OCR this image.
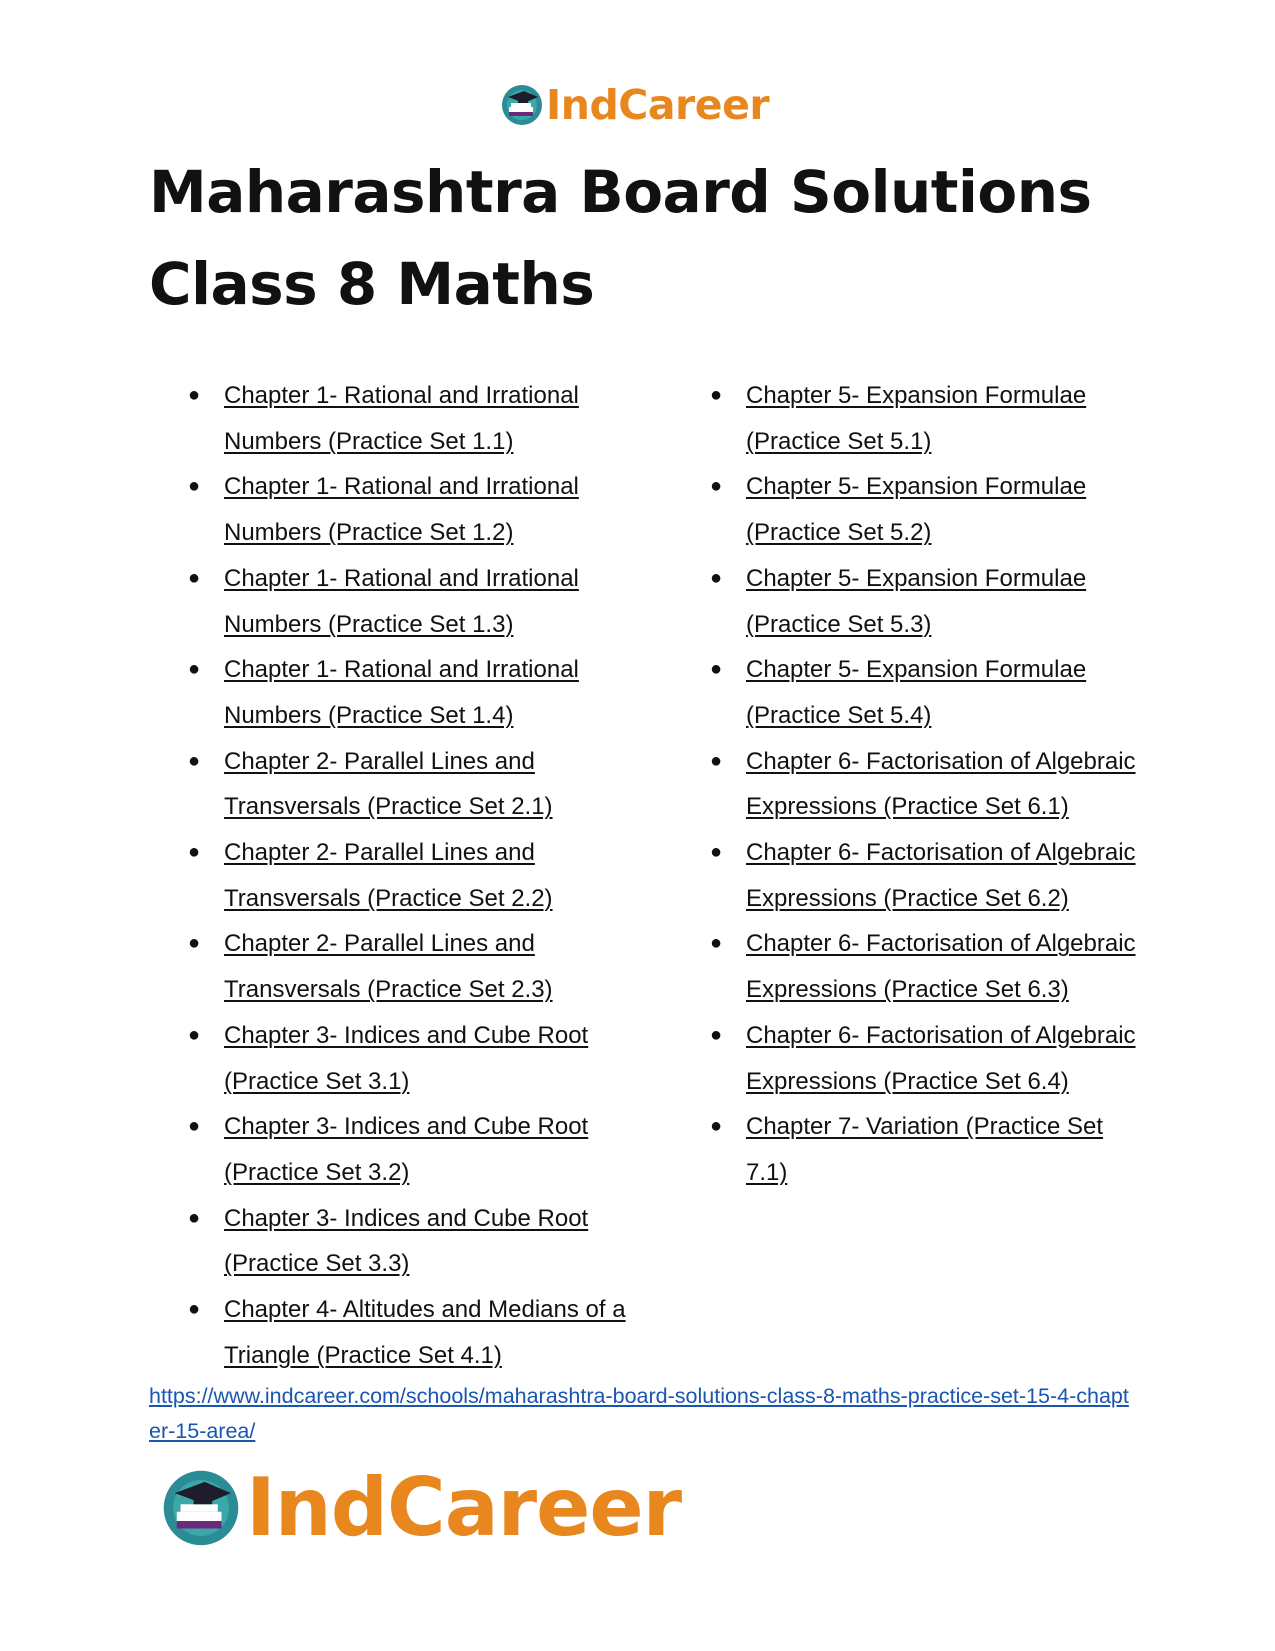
IndCareer
Maharashtra Board Solutions
Class 8 Maths
● Chapter 1- Rational and Irrational Numbers (Practice Set 1.1)
● Chapter 1- Rational and Irrational Numbers (Practice Set 1.2)
● Chapter 1- Rational and Irrational Numbers (Practice Set 1.3)
● Chapter 1- Rational and Irrational Numbers (Practice Set 1.4)
● Chapter 2- Parallel Lines and Transversals (Practice Set 2.1)
● Chapter 2- Parallel Lines and Transversals (Practice Set 2.2)
● Chapter 2- Parallel Lines and Transversals (Practice Set 2.3)
● Chapter 3- Indices and Cube Root (Practice Set 3.1)
● Chapter 3- Indices and Cube Root (Practice Set 3.2)
● Chapter 3- Indices and Cube Root (Practice Set 3.3)
● Chapter 4- Altitudes and Medians of a Triangle (Practice Set 4.1)
● Chapter 5- Expansion Formulae (Practice Set 5.1)
● Chapter 5- Expansion Formulae (Practice Set 5.2)
● Chapter 5- Expansion Formulae (Practice Set 5.3)
● Chapter 5- Expansion Formulae (Practice Set 5.4)
● Chapter 6- Factorisation of Algebraic Expressions (Practice Set 6.1)
● Chapter 6- Factorisation of Algebraic Expressions (Practice Set 6.2)
● Chapter 6- Factorisation of Algebraic Expressions (Practice Set 6.3)
● Chapter 6- Factorisation of Algebraic Expressions (Practice Set 6.4)
● Chapter 7- Variation (Practice Set 7.1)
https://www.indcareer.com/schools/maharashtra-board-solutions-class-8-maths-practice-set-15-4-chapter-15-area/
IndCareer
